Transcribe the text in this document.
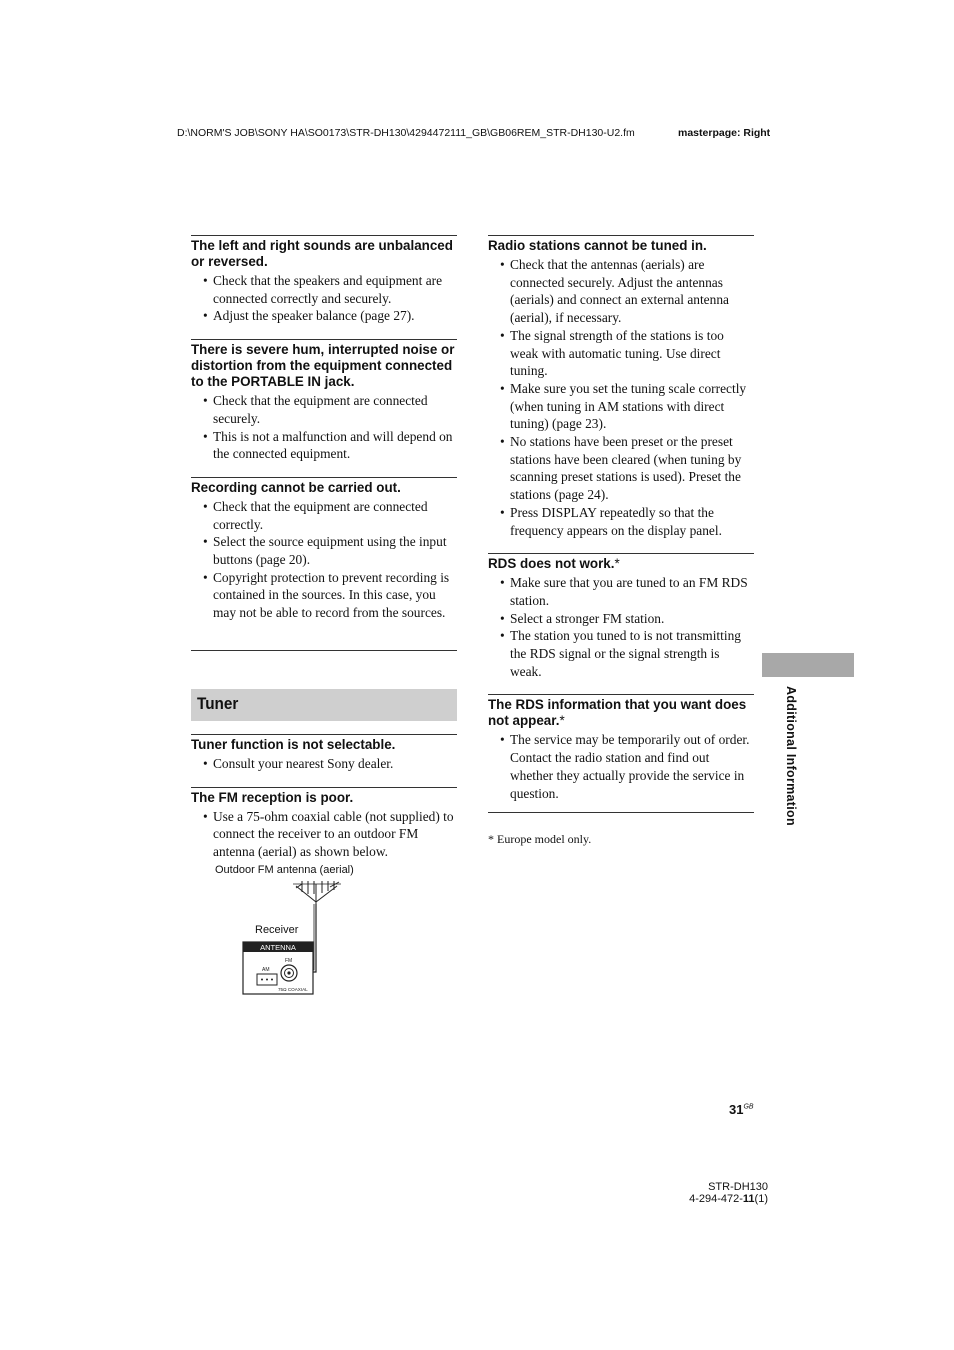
D:\NORM'S JOB\SONY HA\SO0173\STR-DH130\4294472111_GB\GB06REM_STR-DH130-U2.fm	masterpage: Right
The left and right sounds are unbalanced or reversed.
• Check that the speakers and equipment are connected correctly and securely.
• Adjust the speaker balance (page 27).
There is severe hum, interrupted noise or distortion from the equipment connected to the PORTABLE IN jack.
• Check that the equipment are connected securely.
• This is not a malfunction and will depend on the connected equipment.
Recording cannot be carried out.
• Check that the equipment are connected correctly.
• Select the source equipment using the input buttons (page 20).
• Copyright protection to prevent recording is contained in the sources. In this case, you may not be able to record from the sources.
Tuner
Tuner function is not selectable.
• Consult your nearest Sony dealer.
The FM reception is poor.
• Use a 75-ohm coaxial cable (not supplied) to connect the receiver to an outdoor FM antenna (aerial) as shown below.
Outdoor FM antenna (aerial)
Receiver
ANTENNA
AM
FM
75Ω COAXIAL
Radio stations cannot be tuned in.
• Check that the antennas (aerials) are connected securely. Adjust the antennas (aerials) and connect an external antenna (aerial), if necessary.
• The signal strength of the stations is too weak with automatic tuning. Use direct tuning.
• Make sure you set the tuning scale correctly (when tuning in AM stations with direct tuning) (page 23).
• No stations have been preset or the preset stations have been cleared (when tuning by scanning preset stations is used). Preset the stations (page 24).
• Press DISPLAY repeatedly so that the frequency appears on the display panel.
RDS does not work.*
• Make sure that you are tuned to an FM RDS station.
• Select a stronger FM station.
• The station you tuned to is not transmitting the RDS signal or the signal strength is weak.
The RDS information that you want does not appear.*
• The service may be temporarily out of order. Contact the radio station and find out whether they actually provide the service in question.
* Europe model only.
Additional Information
$31^{GB}$
STR-DH130
4-294-472-11(1)
